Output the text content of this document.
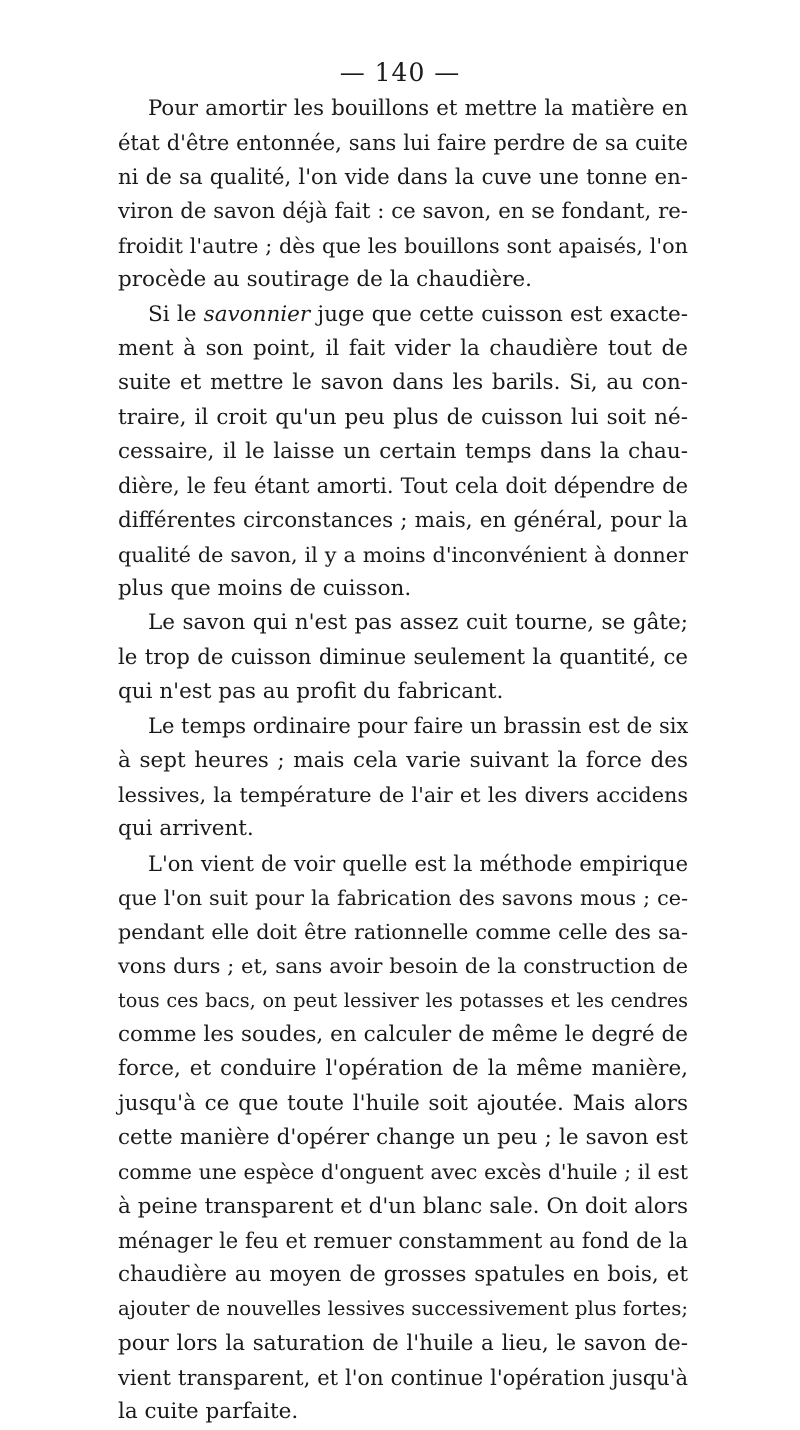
— 140 —
Pour amortir les bouillons et mettre la matière en
état d'être entonnée, sans lui faire perdre de sa cuite
ni de sa qualité, l'on vide dans la cuve une tonne en-
viron de savon déjà fait : ce savon, en se fondant, re-
froidit l'autre ; dès que les bouillons sont apaisés, l'on
procède au soutirage de la chaudière.
Si le savonnier juge que cette cuisson est exacte-
ment à son point, il fait vider la chaudière tout de
suite et mettre le savon dans les barils. Si, au con-
traire, il croit qu'un peu plus de cuisson lui soit né-
cessaire, il le laisse un certain temps dans la chau-
dière, le feu étant amorti. Tout cela doit dépendre de
différentes circonstances ; mais, en général, pour la
qualité de savon, il y a moins d'inconvénient à donner
plus que moins de cuisson.
Le savon qui n'est pas assez cuit tourne, se gâte;
le trop de cuisson diminue seulement la quantité, ce
qui n'est pas au profit du fabricant.
Le temps ordinaire pour faire un brassin est de six
à sept heures ; mais cela varie suivant la force des
lessives, la température de l'air et les divers accidens
qui arrivent.
L'on vient de voir quelle est la méthode empirique
que l'on suit pour la fabrication des savons mous ; ce-
pendant elle doit être rationnelle comme celle des sa-
vons durs ; et, sans avoir besoin de la construction de
tous ces bacs, on peut lessiver les potasses et les cendres
comme les soudes, en calculer de même le degré de
force, et conduire l'opération de la même manière,
jusqu'à ce que toute l'huile soit ajoutée. Mais alors
cette manière d'opérer change un peu ; le savon est
comme une espèce d'onguent avec excès d'huile ; il est
à peine transparent et d'un blanc sale. On doit alors
ménager le feu et remuer constamment au fond de la
chaudière au moyen de grosses spatules en bois, et
ajouter de nouvelles lessives successivement plus fortes;
pour lors la saturation de l'huile a lieu, le savon de-
vient transparent, et l'on continue l'opération jusqu'à
la cuite parfaite.
